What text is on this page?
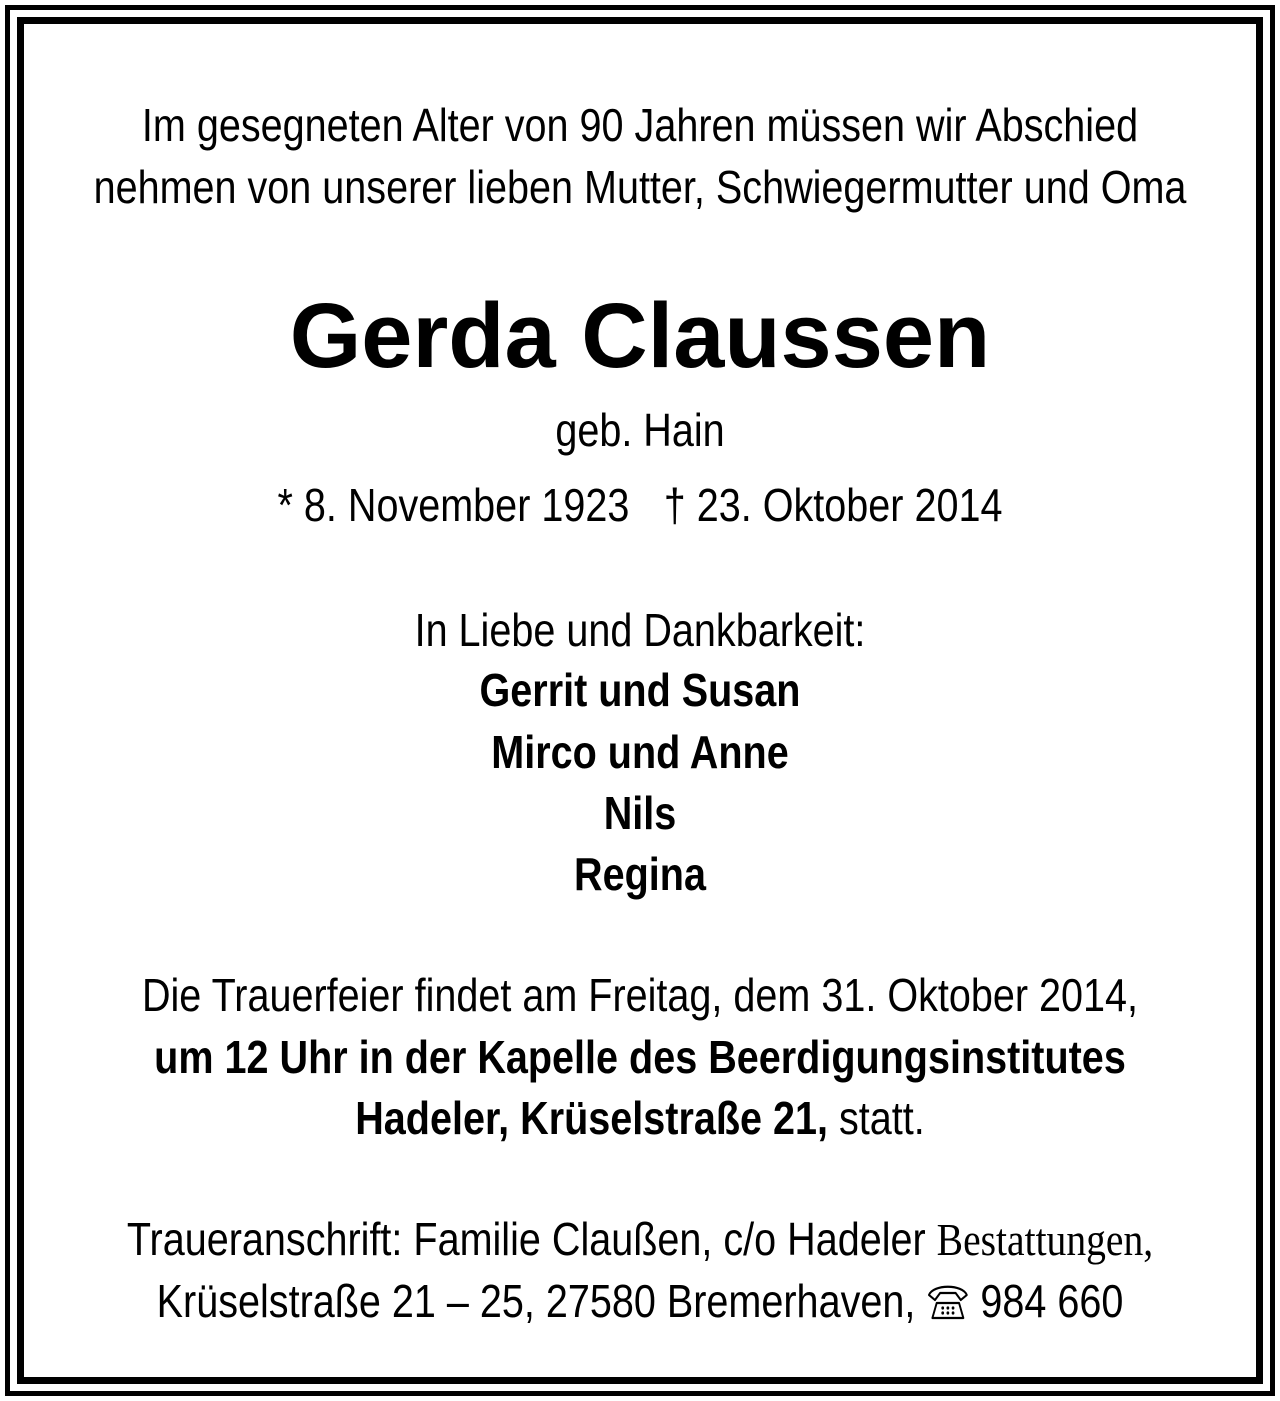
Im gesegneten Alter von 90 Jahren müssen wir Abschied
nehmen von unserer lieben Mutter, Schwiegermutter und Oma
Gerda Claussen
geb. Hain
* 8. November 1923 † 23. Oktober 2014
In Liebe und Dankbarkeit:
Gerrit und Susan
Mirco und Anne
Nils
Regina
Die Trauerfeier findet am Freitag, dem 31. Oktober 2014,
um 12 Uhr in der Kapelle des Beerdigungsinstitutes
Hadeler, Krüselstraße 21, statt.
Traueranschrift: Familie Claußen, c/o Hadeler Bestattungen,
Krüselstraße 21 – 25, 27580 Bremerhaven, 984 660
